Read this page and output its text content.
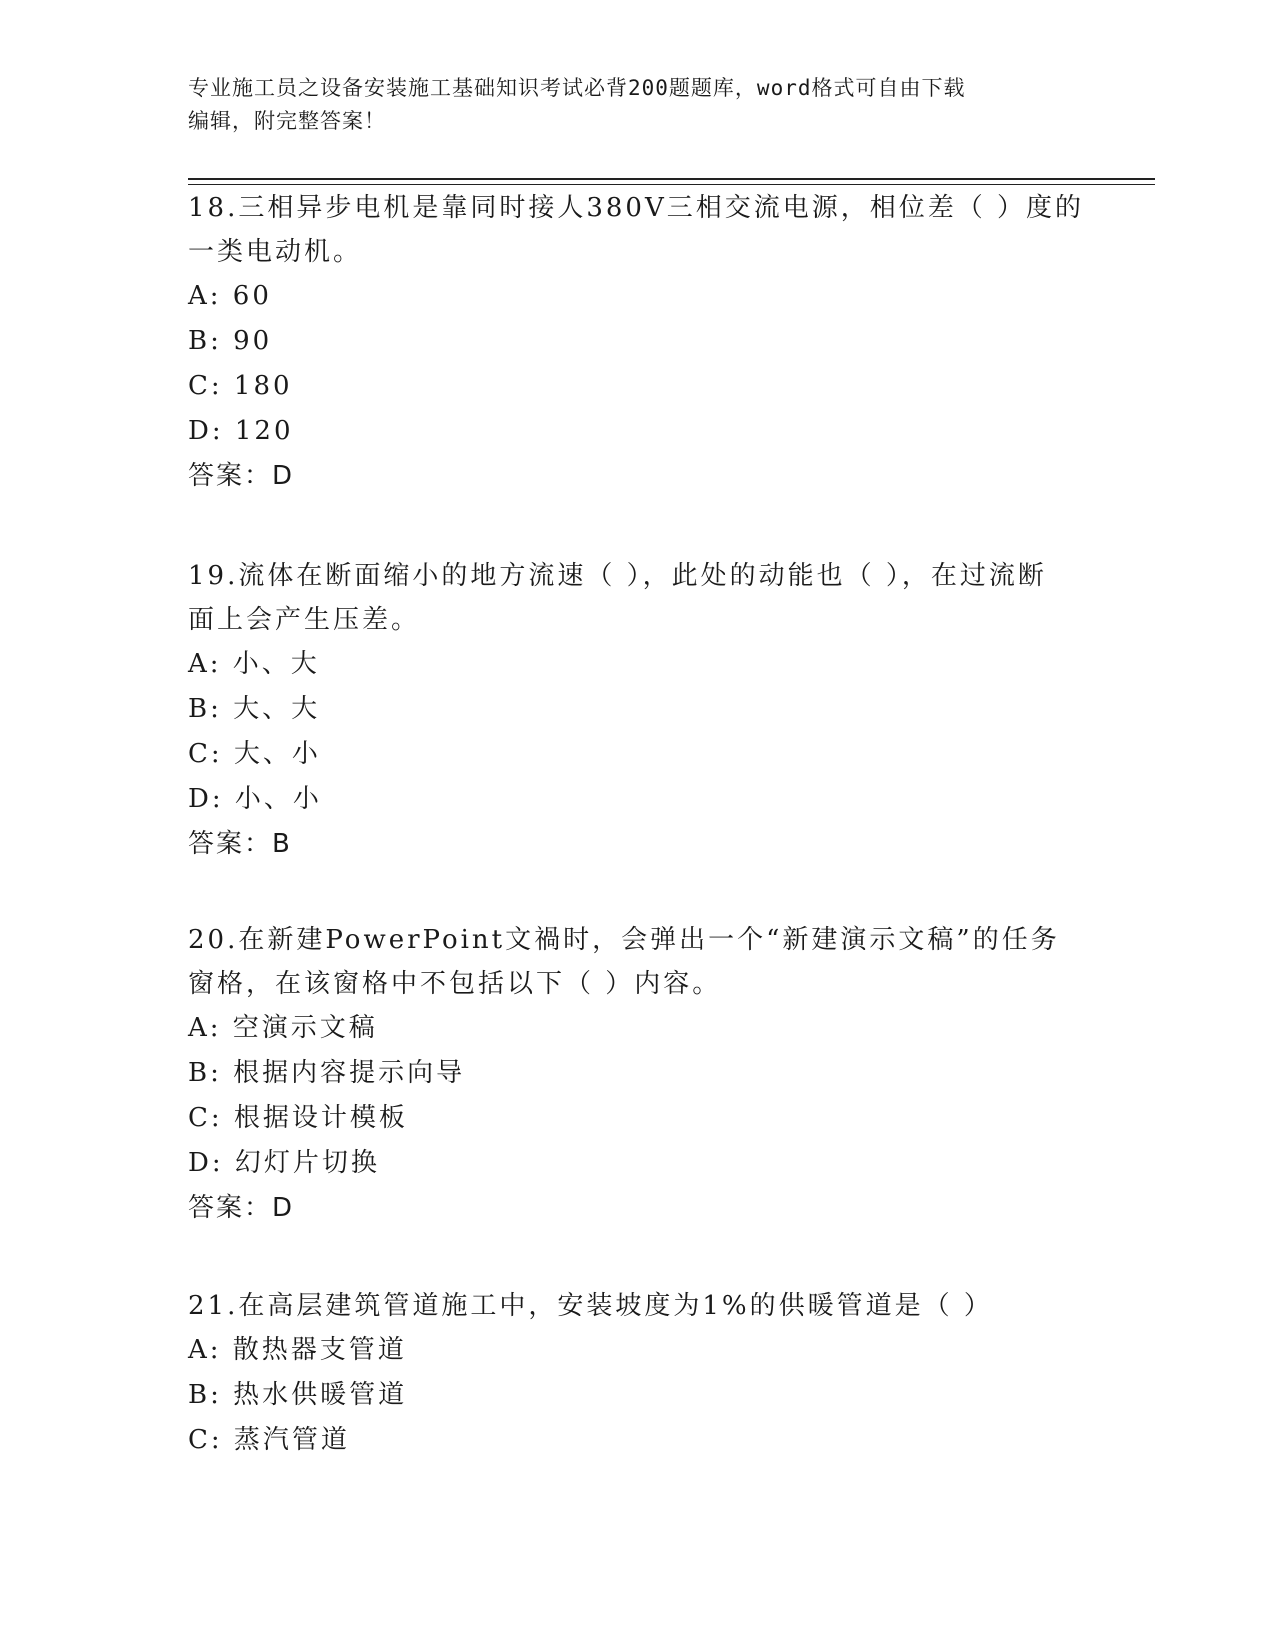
专业施工员之设备安装施工基础知识考试必背200题题库，word格式可自由下载
编辑，附完整答案！

18.三相异步电机是靠同时接人380V三相交流电源，相位差（ ）度的

一类电动机。

A: 60

B: 90

C: 180

D: 120

答案：D

19.流体在断面缩小的地方流速（ ），此处的动能也（ ），在过流断

面上会产生压差。

A: 小、大

B: 大、大

C: 大、小

D: 小、小

答案：B

20.在新建PowerPoint文禍时，会弹出一个“新建演示文稿”的任务

窗格，在该窗格中不包括以下（ ）内容。

A: 空演示文稿

B: 根据内容提示向导

C: 根据设计模板

D: 幻灯片切换

答案：D

21.在高层建筑管道施工中，安装坡度为1%的供暖管道是（ ）

A: 散热器支管道

B: 热水供暖管道

C: 蒸汽管道
